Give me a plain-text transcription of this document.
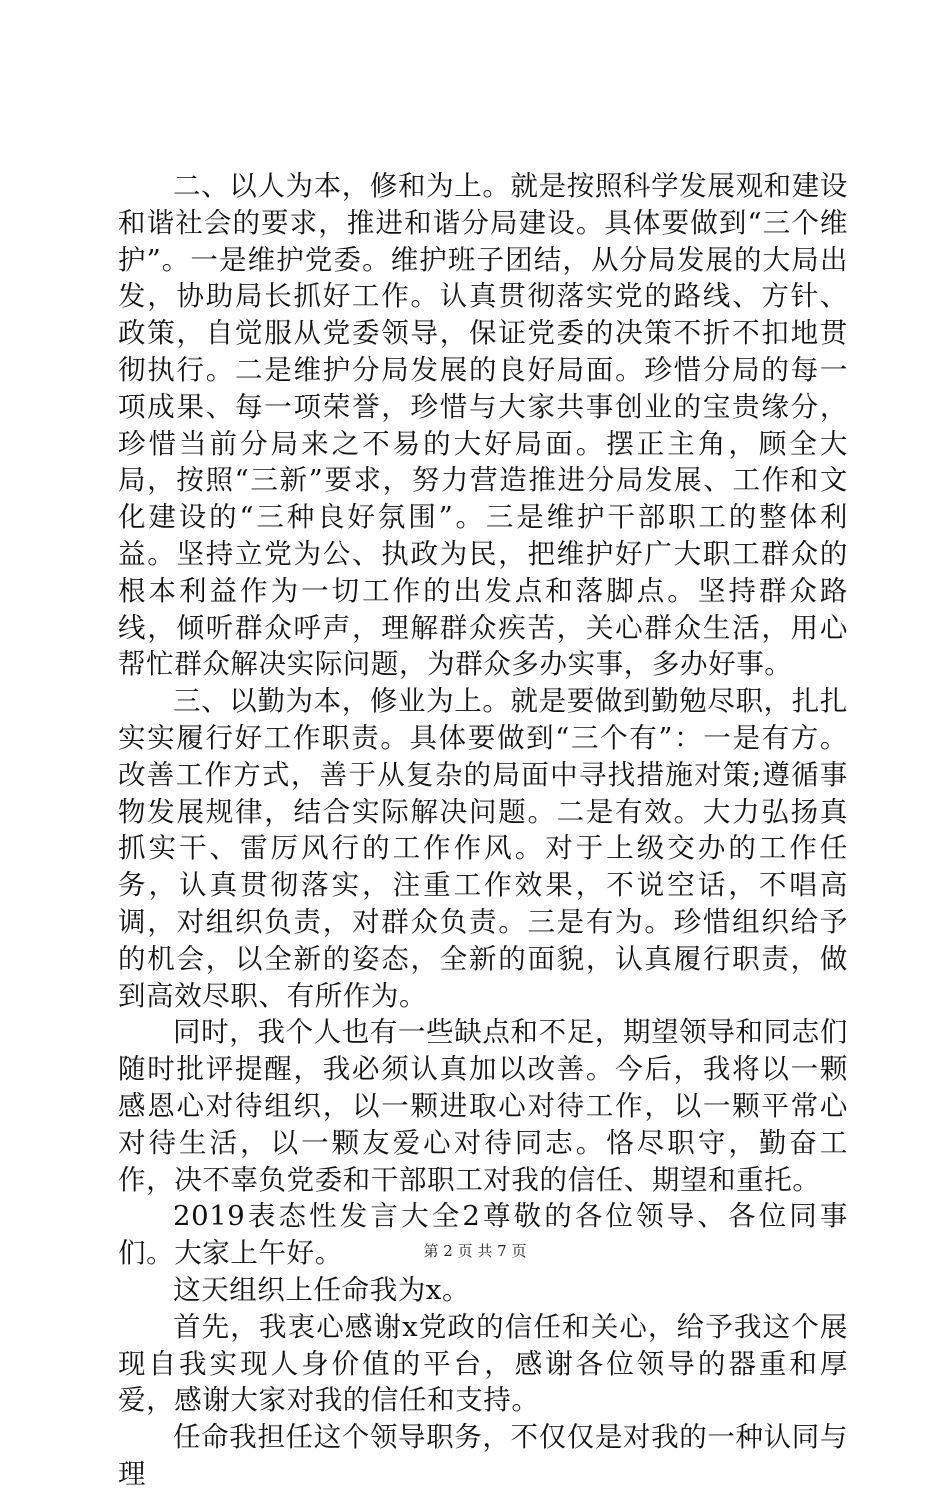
二、以人为本，修和为上。就是按照科学发展观和建设和谐社会的要求，推进和谐分局建设。具体要做到“三个维护”。一是维护党委。维护班子团结，从分局发展的大局出发，协助局长抓好工作。认真贯彻落实党的路线、方针、政策，自觉服从党委领导，保证党委的决策不折不扣地贯彻执行。二是维护分局发展的良好局面。珍惜分局的每一项成果、每一项荣誉，珍惜与大家共事创业的宝贵缘分，珍惜当前分局来之不易的大好局面。摆正主角，顾全大局，按照“三新”要求，努力营造推进分局发展、工作和文化建设的“三种良好氛围”。三是维护干部职工的整体利益。坚持立党为公、执政为民，把维护好广大职工群众的根本利益作为一切工作的出发点和落脚点。坚持群众路线，倾听群众呼声，理解群众疾苦，关心群众生活，用心帮忙群众解决实际问题，为群众多办实事，多办好事。

三、以勤为本，修业为上。就是要做到勤勉尽职，扎扎实实履行好工作职责。具体要做到“三个有”：一是有方。改善工作方式，善于从复杂的局面中寻找措施对策;遵循事物发展规律，结合实际解决问题。二是有效。大力弘扬真抓实干、雷厉风行的工作作风。对于上级交办的工作任务，认真贯彻落实，注重工作效果，不说空话，不唱高调，对组织负责，对群众负责。三是有为。珍惜组织给予的机会，以全新的姿态，全新的面貌，认真履行职责，做到高效尽职、有所作为。

同时，我个人也有一些缺点和不足，期望领导和同志们随时批评提醒，我必须认真加以改善。今后，我将以一颗感恩心对待组织，以一颗进取心对待工作，以一颗平常心对待生活，以一颗友爱心对待同志。恪尽职守，勤奋工作，决不辜负党委和干部职工对我的信任、期望和重托。

2019表态性发言大全2尊敬的各位领导、各位同事们。大家上午好。

这天组织上任命我为x。

首先，我衷心感谢x党政的信任和关心，给予我这个展现自我实现人身价值的平台，感谢各位领导的器重和厚爱，感谢大家对我的信任和支持。

任命我担任这个领导职务，不仅仅是对我的一种认同与理

第 2 页 共 7 页
